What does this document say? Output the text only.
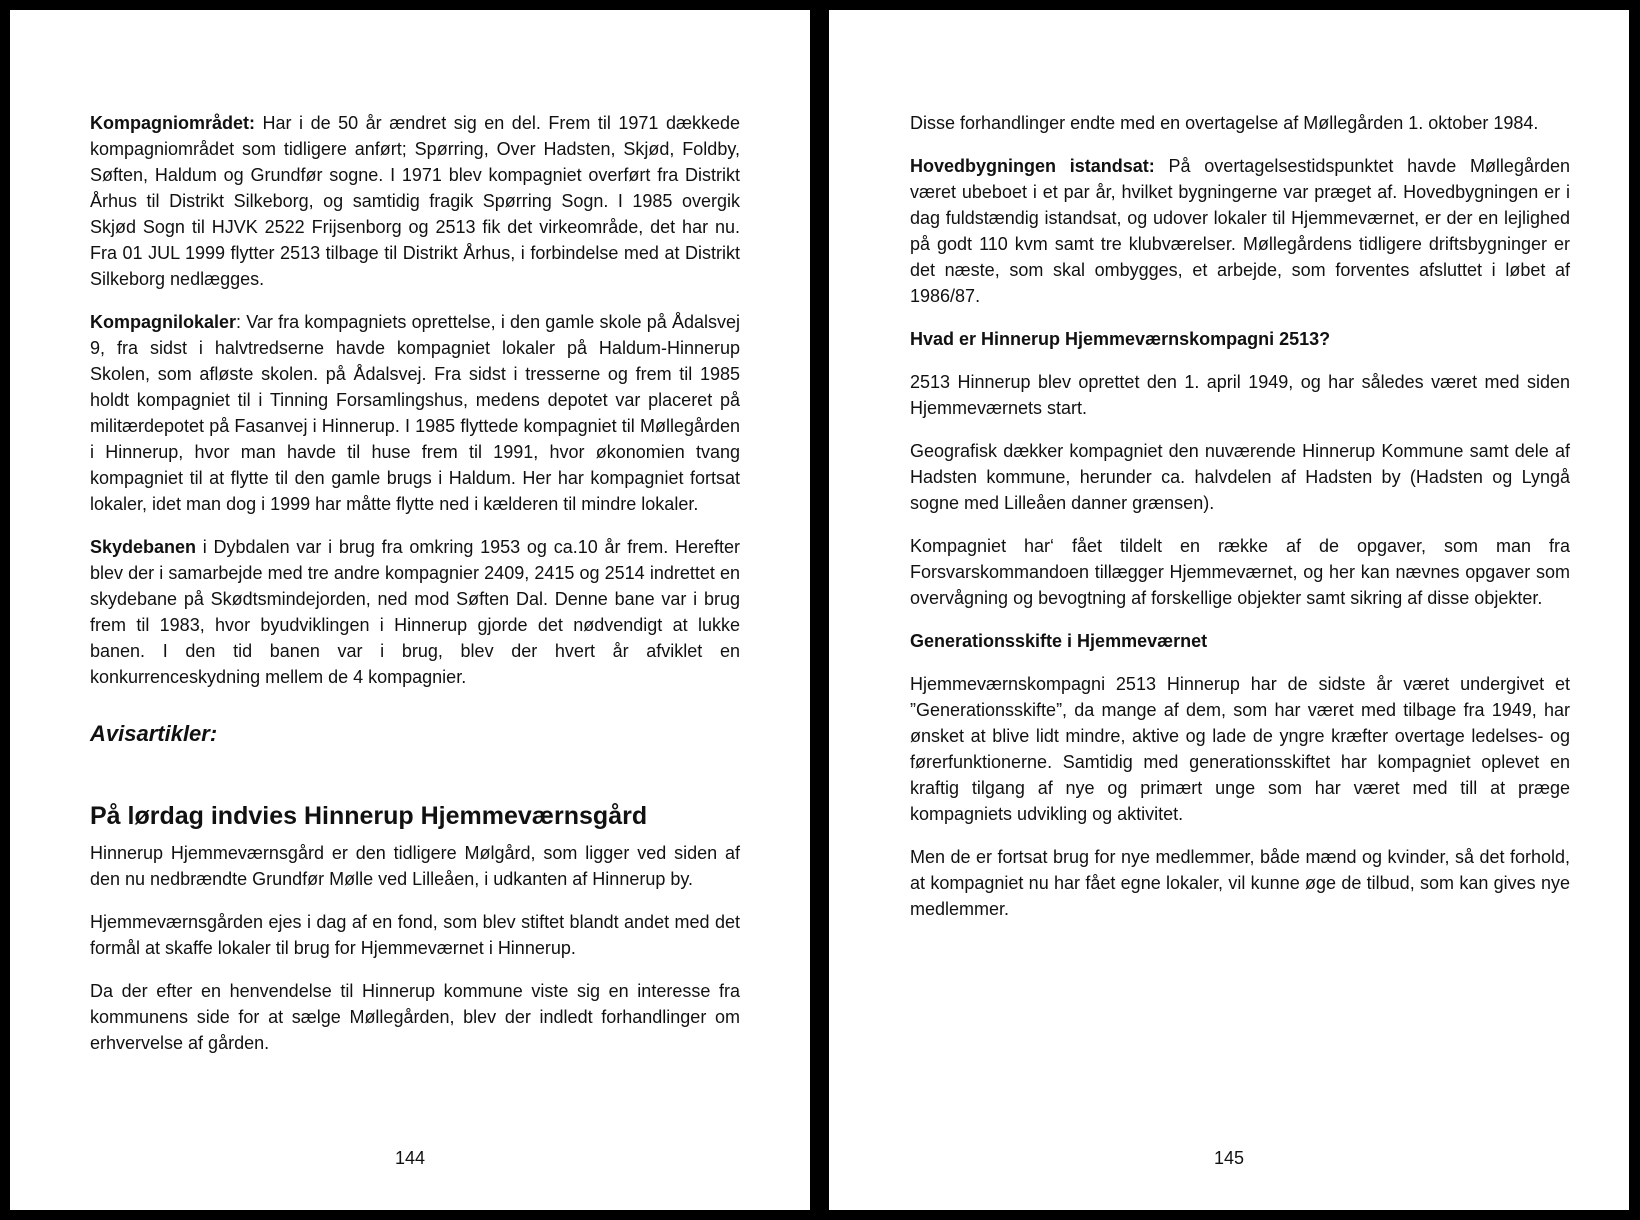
Kompagniområdet: Har i de 50 år ændret sig en del. Frem til 1971 dækkede kompagniområdet som tidligere anført; Spørring, Over Hadsten, Skjød, Foldby, Søften, Haldum og Grundfør sogne. I 1971 blev kompagniet overført fra Distrikt Århus til Distrikt Silkeborg, og samtidig fragik Spørring Sogn. I 1985 overgik Skjød Sogn til HJVK 2522 Frijsenborg og 2513 fik det virkeområde, det har nu. Fra 01 JUL 1999 flytter 2513 tilbage til Distrikt Århus, i forbindelse med at Distrikt Silkeborg nedlægges.

Kompagnilokaler: Var fra kompagniets oprettelse, i den gamle skole på Ådalsvej 9, fra sidst i halvtredserne havde kompagniet lokaler på Haldum-Hinnerup Skolen, som afløste skolen. på Ådalsvej. Fra sidst i tresserne og frem til 1985 holdt kompagniet til i Tinning Forsamlingshus, medens depotet var placeret på militærdepotet på Fasanvej i Hinnerup. I 1985 flyttede kompagniet til Møllegården i Hinnerup, hvor man havde til huse frem til 1991, hvor økonomien tvang kompagniet til at flytte til den gamle brugs i Haldum. Her har kompagniet fortsat lokaler, idet man dog i 1999 har måtte flytte ned i kælderen til mindre lokaler.

Skydebanen i Dybdalen var i brug fra omkring 1953 og ca.10 år frem. Herefter blev der i samarbejde med tre andre kompagnier 2409, 2415 og 2514 indrettet en skydebane på Skødtsmindejorden, ned mod Søften Dal. Denne bane var i brug frem til 1983, hvor byudviklingen i Hinnerup gjorde det nødvendigt at lukke banen. I den tid banen var i brug, blev der hvert år afviklet en konkurrenceskydning mellem de 4 kompagnier.

Avisartikler:
På lørdag indvies Hinnerup Hjemmeværnsgård

Hinnerup Hjemmeværnsgård er den tidligere Mølgård, som ligger ved siden af den nu nedbrændte Grundfør Mølle ved Lilleåen, i udkanten af Hinnerup by.

Hjemmeværnsgården ejes i dag af en fond, som blev stiftet blandt andet med det formål at skaffe lokaler til brug for Hjemmeværnet i Hinnerup.

Da der efter en henvendelse til Hinnerup kommune viste sig en interesse fra kommunens side for at sælge Møllegården, blev der indledt forhandlinger om erhvervelse af gården.

144

Disse forhandlinger endte med en overtagelse af Møllegården 1. oktober 1984.

Hovedbygningen istandsat: På overtagelsestidspunktet havde Møllegården været ubeboet i et par år, hvilket bygningerne var præget af. Hovedbygningen er i dag fuldstændig istandsat, og udover lokaler til Hjemmeværnet, er der en lejlighed på godt 110 kvm samt tre klubværelser. Møllegårdens tidligere driftsbygninger er det næste, som skal ombygges, et arbejde, som forventes afsluttet i løbet af 1986/87.

Hvad er Hinnerup Hjemmeværnskompagni 2513?

2513 Hinnerup blev oprettet den 1. april 1949, og har således været med siden Hjemmeværnets start.

Geografisk dækker kompagniet den nuværende Hinnerup Kommune samt dele af Hadsten kommune, herunder ca. halvdelen af Hadsten by (Hadsten og Lyngå sogne med Lilleåen danner grænsen).

Kompagniet har‘ fået tildelt en række af de opgaver, som man fra Forsvarskommandoen tillægger Hjemmeværnet, og her kan nævnes opgaver som overvågning og bevogtning af forskellige objekter samt sikring af disse objekter.

Generationsskifte i Hjemmeværnet

Hjemmeværnskompagni 2513 Hinnerup har de sidste år været undergivet et ”Generationsskifte”, da mange af dem, som har været med tilbage fra 1949, har ønsket at blive lidt mindre, aktive og lade de yngre kræfter overtage ledelses- og førerfunktionerne. Samtidig med generationsskiftet har kompagniet oplevet en kraftig tilgang af nye og primært unge som har været med till at præge kompagniets udvikling og aktivitet.

Men de er fortsat brug for nye medlemmer, både mænd og kvinder, så det forhold, at kompagniet nu har fået egne lokaler, vil kunne øge de tilbud, som kan gives nye medlemmer.

145
